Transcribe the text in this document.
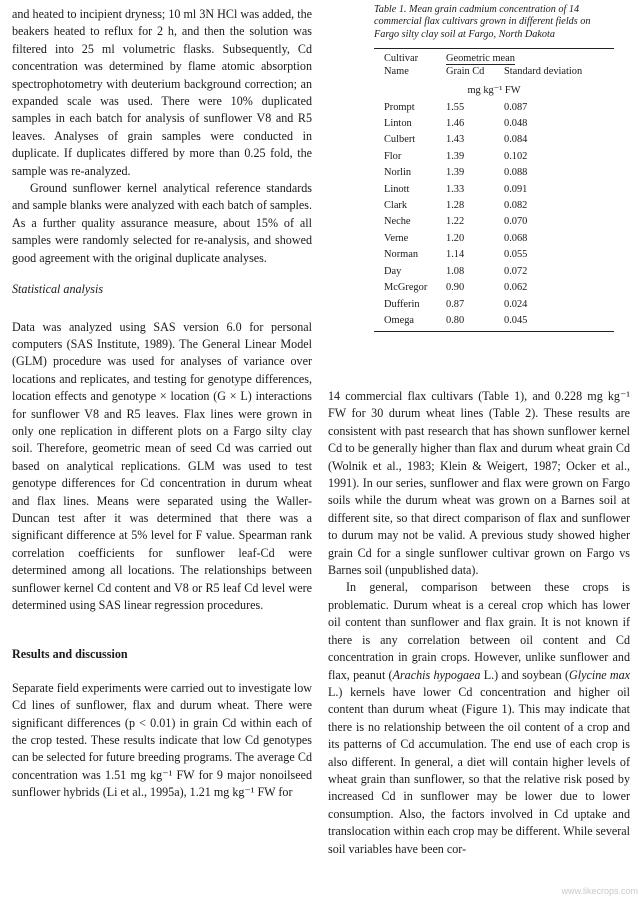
and heated to incipient dryness; 10 ml 3N HCl was added, the beakers heated to reflux for 2 h, and then the solution was filtered into 25 ml volumetric flasks. Subsequently, Cd concentration was determined by flame atomic absorption spectrophotometry with deuterium background correction; an expanded scale was used. There were 10% duplicated samples in each batch for analysis of sunflower V8 and R5 leaves. Analyses of grain samples were conducted in duplicate. If duplicates differed by more than 0.25 fold, the sample was re-analyzed.

Ground sunflower kernel analytical reference standards and sample blanks were analyzed with each batch of samples. As a further quality assurance measure, about 15% of all samples were randomly selected for re-analysis, and showed good agreement with the original duplicate analyses.

Statistical analysis

Data was analyzed using SAS version 6.0 for personal computers (SAS Institute, 1989). The General Linear Model (GLM) procedure was used for analyses of variance over locations and replicates, and testing for genotype differences, location effects and genotype × location (G × L) interactions for sunflower V8 and R5 leaves. Flax lines were grown in only one replication in different plots on a Fargo silty clay soil. Therefore, geometric mean of seed Cd was carried out based on analytical replications. GLM was used to test genotype differences for Cd concentration in durum wheat and flax lines. Means were separated using the Waller-Duncan test after it was determined that there was a significant difference at 5% level for F value. Spearman rank correlation coefficients for sunflower leaf-Cd were determined among all locations. The relationships between sunflower kernel Cd content and V8 or R5 leaf Cd level were determined using SAS linear regression procedures.

Results and discussion

Separate field experiments were carried out to investigate low Cd lines of sunflower, flax and durum wheat. There were significant differences (p < 0.01) in grain Cd within each of the crop tested. These results indicate that low Cd genotypes can be selected for future breeding programs. The average Cd concentration was 1.51 mg kg⁻¹ FW for 9 major nonoilseed sunflower hybrids (Li et al., 1995a), 1.21 mg kg⁻¹ FW for

Table 1. Mean grain cadmium concentration of 14 commercial flax cultivars grown in different fields on Fargo silty clay soil at Fargo, North Dakota

Cultivar	Geometric mean	
Name	Grain Cd	Standard deviation
mg kg⁻¹ FW		
Prompt	1.55	0.087
Linton	1.46	0.048
Culbert	1.43	0.084
Flor	1.39	0.102
Norlin	1.39	0.088
Linott	1.33	0.091
Clark	1.28	0.082
Neche	1.22	0.070
Verne	1.20	0.068
Norman	1.14	0.055
Day	1.08	0.072
McGregor	0.90	0.062
Dufferin	0.87	0.024
Omega	0.80	0.045

14 commercial flax cultivars (Table 1), and 0.228 mg kg⁻¹ FW for 30 durum wheat lines (Table 2). These results are consistent with past research that has shown sunflower kernel Cd to be generally higher than flax and durum wheat grain Cd (Wolnik et al., 1983; Klein & Weigert, 1987; Ocker et al., 1991). In our series, sunflower and flax were grown on Fargo soils while the durum wheat was grown on a Barnes soil at different site, so that direct comparison of flax and sunflower to durum may not be valid. A previous study showed higher grain Cd for a single sunflower cultivar grown on Fargo vs Barnes soil (unpublished data).

In general, comparison between these crops is problematic. Durum wheat is a cereal crop which has lower oil content than sunflower and flax grain. It is not known if there is any correlation between oil content and Cd concentration in grain crops. However, unlike sunflower and flax, peanut (Arachis hypogaea L.) and soybean (Glycine max L.) kernels have lower Cd concentration and higher oil content than durum wheat (Figure 1). This may indicate that there is no relationship between the oil content of a crop and its patterns of Cd accumulation. The end use of each crop is also different. In general, a diet will contain higher levels of wheat grain than sunflower, so that the relative risk posed by increased Cd in sunflower may be lower due to lower consumption. Also, the factors involved in Cd uptake and translocation within each crop may be different. While several soil variables have been cor-

www.likecrops.com
